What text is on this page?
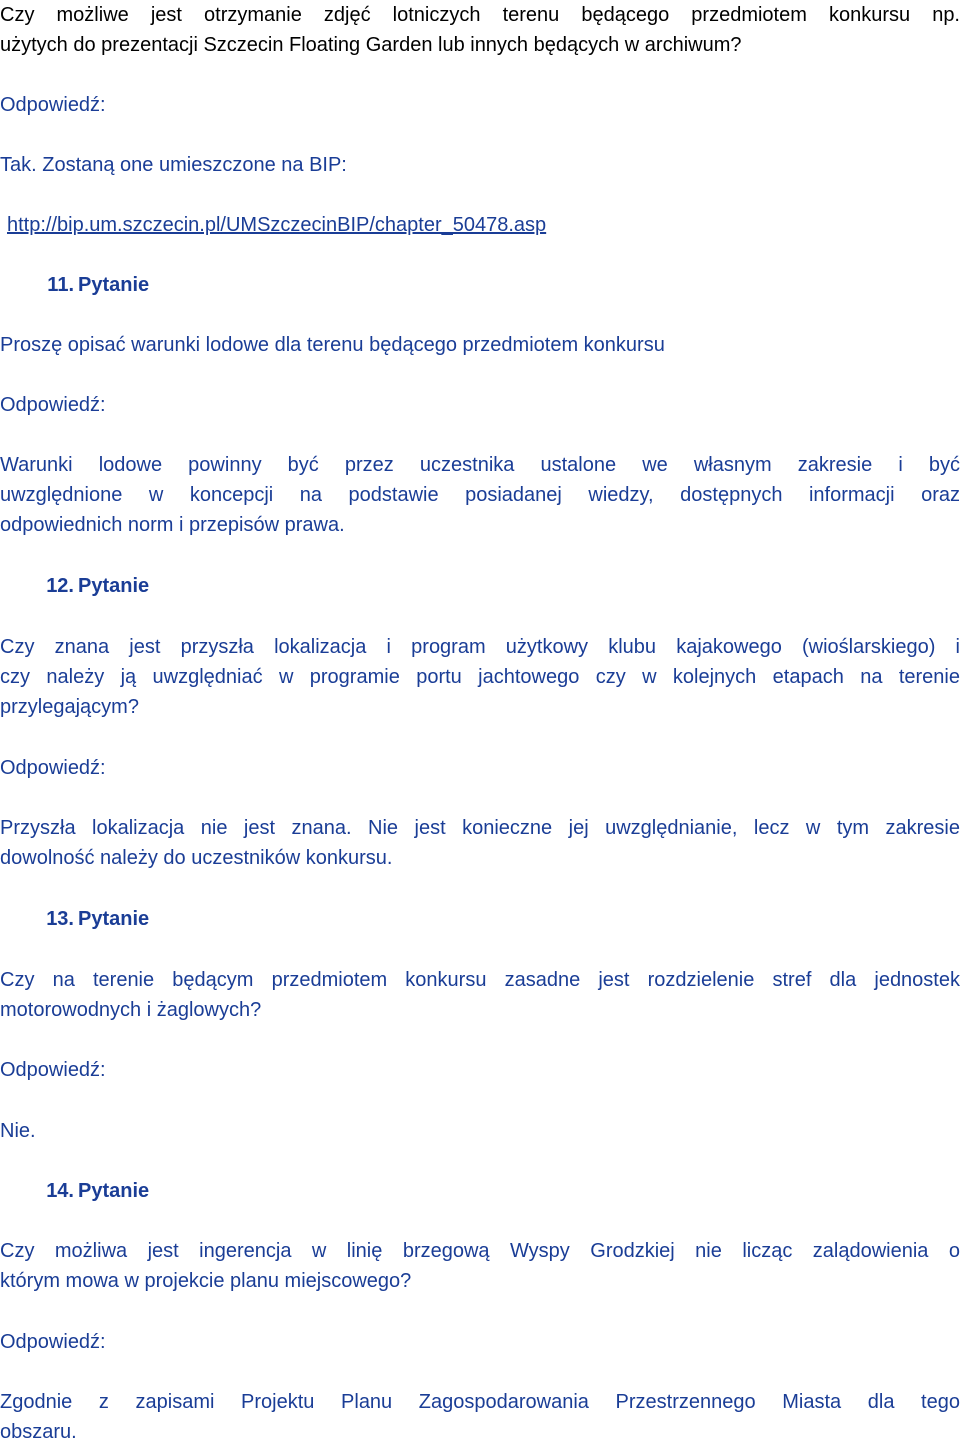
Czy możliwe jest otrzymanie zdjęć lotniczych terenu będącego przedmiotem konkursu np.
użytych do prezentacji Szczecin Floating Garden lub innych będących w archiwum?
Odpowiedź:
Tak. Zostaną one umieszczone na BIP:
http://bip.um.szczecin.pl/UMSzczecinBIP/chapter_50478.asp
11. Pytanie
Proszę opisać warunki lodowe dla terenu będącego przedmiotem konkursu
Odpowiedź:
Warunki lodowe powinny być przez uczestnika ustalone we własnym zakresie i być
uwzględnione w koncepcji na podstawie posiadanej wiedzy, dostępnych informacji oraz
odpowiednich norm i przepisów prawa.
12. Pytanie
Czy znana jest przyszła lokalizacja i program użytkowy klubu kajakowego (wioślarskiego) i
czy należy ją uwzględniać w programie portu jachtowego czy w kolejnych etapach na terenie
przylegającym?
Odpowiedź:
Przyszła lokalizacja nie jest znana. Nie jest konieczne jej uwzględnianie, lecz w tym zakresie
dowolność należy do uczestników konkursu.
13. Pytanie
Czy na terenie będącym przedmiotem konkursu zasadne jest rozdzielenie stref dla jednostek
motorowodnych i żaglowych?
Odpowiedź:
Nie.
14. Pytanie
Czy możliwa jest ingerencja w linię brzegową Wyspy Grodzkiej nie licząc zalądowienia o
którym mowa w projekcie planu miejscowego?
Odpowiedź:
Zgodnie z zapisami Projektu Planu Zagospodarowania Przestrzennego Miasta dla tego
obszaru.
